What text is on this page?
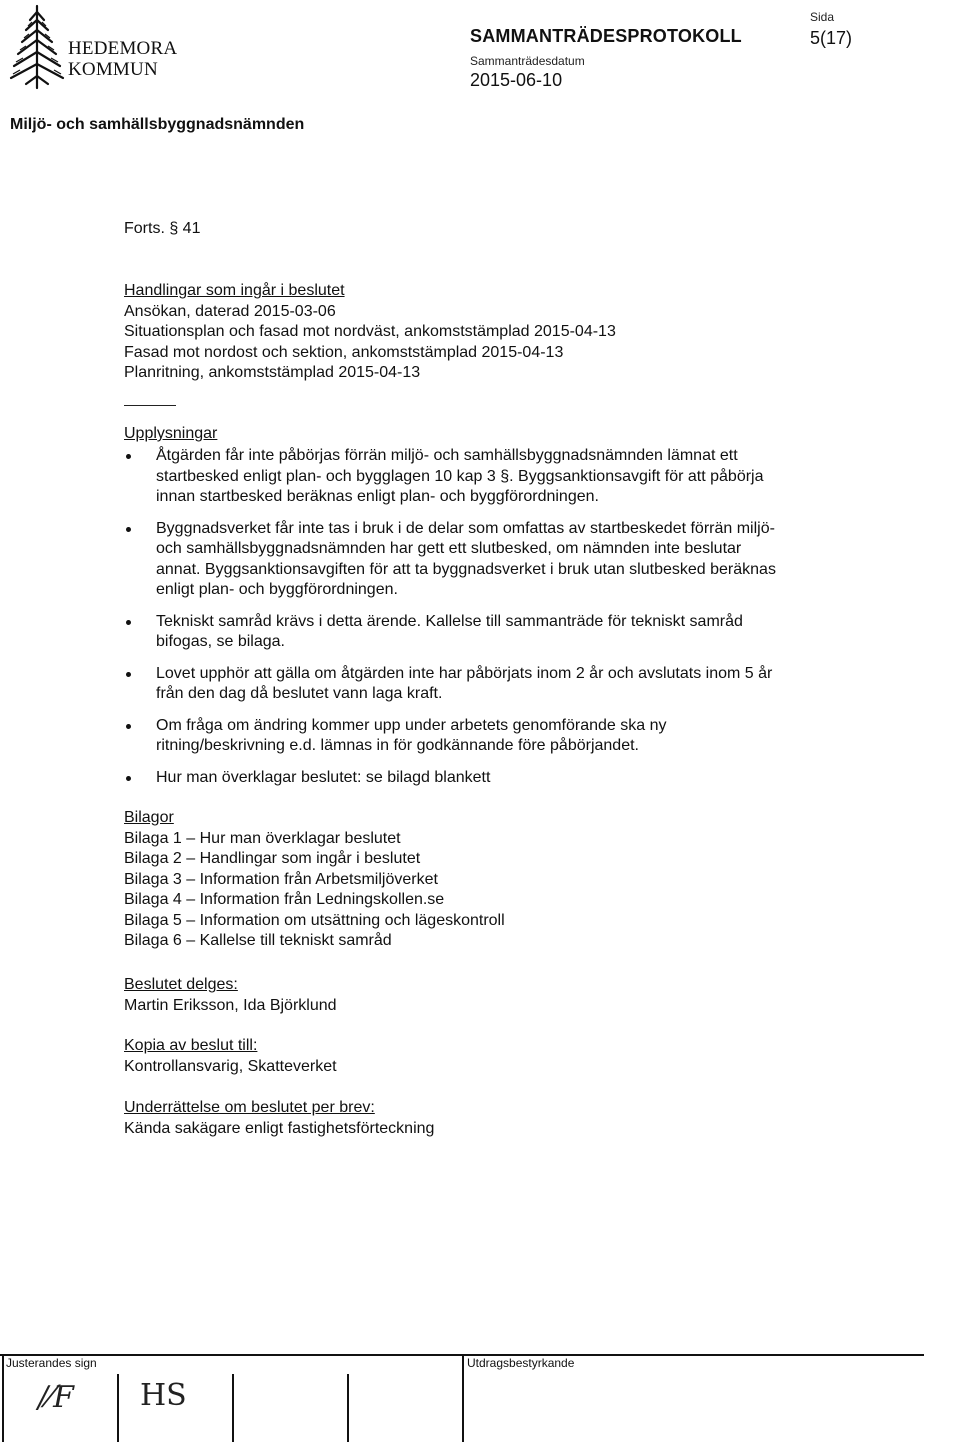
HEDEMORA
KOMMUN
SAMMANTRÄDESPROTOKOLL
Sammanträdesdatum
2015-06-10
Sida
5(17)
Miljö- och samhällsbyggnadsnämnden
Forts. § 41
Handlingar som ingår i beslutet
Ansökan, daterad 2015-03-06
Situationsplan och fasad mot nordväst, ankomststämplad 2015-04-13
Fasad mot nordost och sektion, ankomststämplad 2015-04-13
Planritning, ankomststämplad 2015-04-13
Upplysningar
Åtgärden får inte påbörjas förrän miljö- och samhällsbyggnadsnämnden lämnat ett startbesked enligt plan- och bygglagen 10 kap 3 §. Byggsanktionsavgift för att påbörja innan startbesked beräknas enligt plan- och byggförordningen.
Byggnadsverket får inte tas i bruk i de delar som omfattas av startbeskedet förrän miljö- och samhällsbyggnadsnämnden har gett ett slutbesked, om nämnden inte beslutar annat. Byggsanktionsavgiften för att ta byggnadsverket i bruk utan slutbesked beräknas enligt plan- och byggförordningen.
Tekniskt samråd krävs i detta ärende. Kallelse till sammanträde för tekniskt samråd bifogas, se bilaga.
Lovet upphör att gälla om åtgärden inte har påbörjats inom 2 år och avslutats inom 5 år från den dag då beslutet vann laga kraft.
Om fråga om ändring kommer upp under arbetets genomförande ska ny ritning/beskrivning e.d. lämnas in för godkännande före påbörjandet.
Hur man överklagar beslutet: se bilagd blankett
Bilagor
Bilaga 1 – Hur man överklagar beslutet
Bilaga 2 – Handlingar som ingår i beslutet
Bilaga 3 – Information från Arbetsmiljöverket
Bilaga 4 – Information från Ledningskollen.se
Bilaga 5 – Information om utsättning och lägeskontroll
Bilaga 6 – Kallelse till tekniskt samråd
Beslutet delges:
Martin Eriksson, Ida Björklund
Kopia av beslut till:
Kontrollansvarig, Skatteverket
Underrättelse om beslutet per brev:
Kända sakägare enligt fastighetsförteckning
Justerandes sign	Utdragsbestyrkande
/⁄F HS
